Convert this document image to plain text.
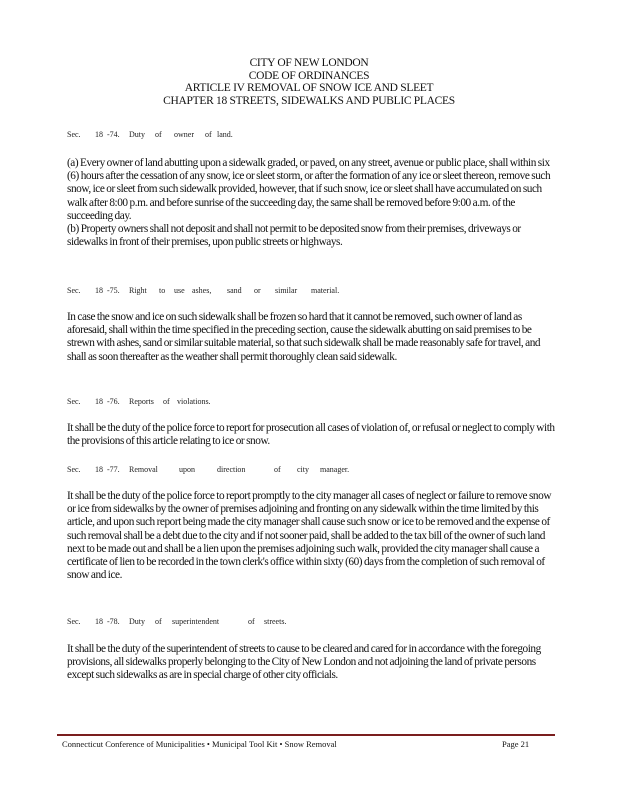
CITY OF NEW LONDON
CODE OF ORDINANCES
ARTICLE IV REMOVAL OF SNOW ICE AND SLEET
CHAPTER 18 STREETS, SIDEWALKS AND PUBLIC PLACES
Sec. 18 -74. Duty of owner of land.

(a) Every owner of land abutting upon a sidewalk graded, or paved, on any street, avenue or public place, shall within six (6) hours after the cessation of any snow, ice or sleet storm, or after the formation of any ice or sleet thereon, remove such snow, ice or sleet from such sidewalk provided, however, that if such snow, ice or sleet shall have accumulated on such walk after 8:00 p.m. and before sunrise of the succeeding day, the same shall be removed before 9:00 a.m. of the succeeding day.

(b) Property owners shall not deposit and shall not permit to be deposited snow from their premises, driveways or sidewalks in front of their premises, upon public streets or highways.

Sec. 18 -75. Right to use ashes, sand or similar material.

In case the snow and ice on such sidewalk shall be frozen so hard that it cannot be removed, such owner of land as aforesaid, shall within the time specified in the preceding section, cause the sidewalk abutting on said premises to be strewn with ashes, sand or similar suitable material, so that such sidewalk shall be made reasonably safe for travel, and shall as soon thereafter as the weather shall permit thoroughly clean said sidewalk.

Sec. 18 -76. Reports of violations.

It shall be the duty of the police force to report for prosecution all cases of violation of, or refusal or neglect to comply with the provisions of this article relating to ice or snow.

Sec. 18 -77. Removal	upon	direction	of city manager.

It shall be the duty of the police force to report promptly to the city manager all cases of neglect or failure to remove snow or ice from sidewalks by the owner of premises adjoining and fronting on any sidewalk within the time limited by this article, and upon such report being made the city manager shall cause such snow or ice to be removed and the expense of such removal shall be a debt due to the city and if not sooner paid, shall be added to the tax bill of the owner of such land next to be made out and shall be a lien upon the premises adjoining such walk, provided the city manager shall cause a certificate of lien to be recorded in the town clerk's office within sixty (60) days from the completion of such removal of snow and ice.

Sec. 18 -78. Duty of superintendent	of streets.

It shall be the duty of the superintendent of streets to cause to be cleared and cared for in accordance with the foregoing provisions, all sidewalks properly belonging to the City of New London and not adjoining the land of private persons except such sidewalks as are in special charge of other city officials.

Connecticut Conference of Municipalities • Municipal Tool Kit • Snow Removal	Page 21
